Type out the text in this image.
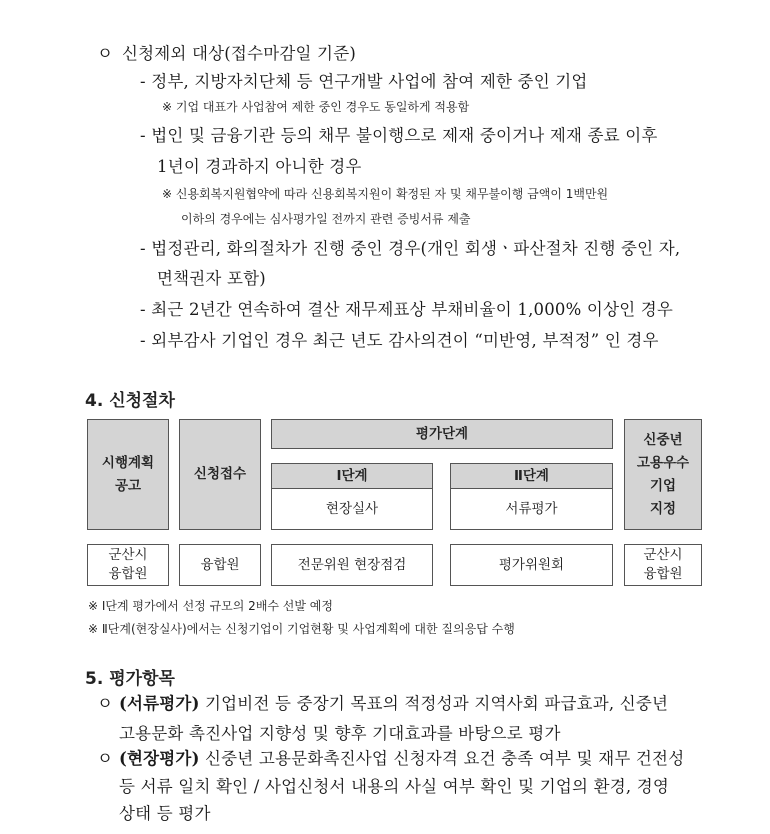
ㅇ 신청제외 대상(접수마감일 기준)
- 정부, 지방자치단체 등 연구개발 사업에 참여 제한 중인 기업
※ 기업 대표가 사업참여 제한 중인 경우도 동일하게 적용함
- 법인 및 금융기관 등의 채무 불이행으로 제재 중이거나 제재 종료 이후
1년이 경과하지 아니한 경우
※ 신용회복지원협약에 따라 신용회복지원이 확정된 자 및 채무불이행 금액이 1백만원
이하의 경우에는 심사평가일 전까지 관련 증빙서류 제출
- 법정관리, 화의절차가 진행 중인 경우(개인 회생ㆍ파산절차 진행 중인 자,
면책권자 포함)
- 최근 2년간 연속하여 결산 재무제표상 부채비율이 1,000% 이상인 경우
- 외부감사 기업인 경우 최근 년도 감사의견이 “미반영, 부적정” 인 경우
4. 신청절차
시행계획
공고
신청접수
평가단계
Ⅰ단계
현장실사
Ⅱ단계
서류평가
신중년
고용우수
기업
지정
군산시
융합원
융합원	전문위원 현장점검	평가위원회
군산시
융합원
※ Ⅰ단계 평가에서 선정 규모의 2배수 선발 예정
※ Ⅱ단계(현장실사)에서는 신청기업이 기업현황 및 사업계획에 대한 질의응답 수행
5. 평가항목
ㅇ (서류평가) 기업비전 등 중장기 목표의 적정성과 지역사회 파급효과, 신중년
고용문화 촉진사업 지향성 및 향후 기대효과를 바탕으로 평가
ㅇ (현장평가) 신중년 고용문화촉진사업 신청자격 요건 충족 여부 및 재무 건전성
등 서류 일치 확인 / 사업신청서 내용의 사실 여부 확인 및 기업의 환경, 경영
상태 등 평가
